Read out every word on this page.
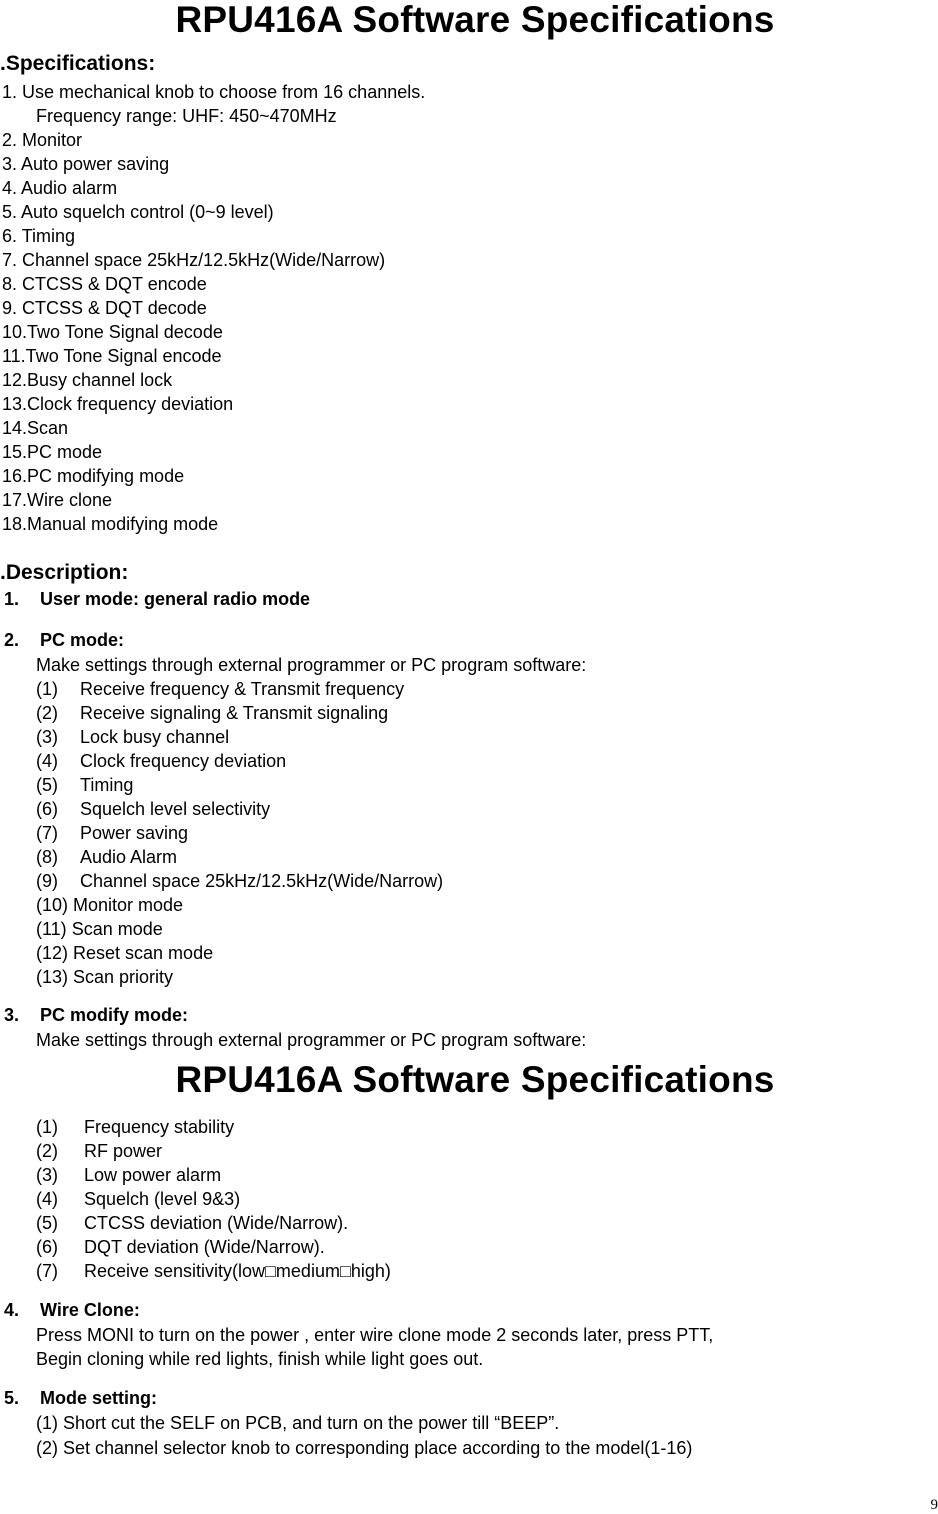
RPU416A Software Specifications
.Specifications:
1. Use mechanical knob to choose from 16 channels.
Frequency range: UHF: 450~470MHz
2. Monitor
3. Auto power saving
4. Audio alarm
5. Auto squelch control (0~9 level)
6. Timing
7. Channel space 25kHz/12.5kHz(Wide/Narrow)
8. CTCSS & DQT encode
9. CTCSS & DQT decode
10.Two Tone Signal decode
11.Two Tone Signal encode
12.Busy channel lock
13.Clock frequency deviation
14.Scan
15.PC mode
16.PC modifying mode
17.Wire clone
18.Manual modifying mode
.Description:
1. User mode: general radio mode
2. PC mode:
Make settings through external programmer or PC program software:
(1) Receive frequency & Transmit frequency
(2) Receive signaling & Transmit signaling
(3) Lock busy channel
(4) Clock frequency deviation
(5) Timing
(6) Squelch level selectivity
(7) Power saving
(8) Audio Alarm
(9) Channel space 25kHz/12.5kHz(Wide/Narrow)
(10) Monitor mode
(11) Scan mode
(12) Reset scan mode
(13) Scan priority
3. PC modify mode:
Make settings through external programmer or PC program software:
RPU416A Software Specifications
(1) Frequency stability
(2) RF power
(3) Low power alarm
(4) Squelch (level 9&3)
(5) CTCSS deviation (Wide/Narrow).
(6) DQT deviation (Wide/Narrow).
(7) Receive sensitivity(low□medium□high)
4. Wire Clone:
Press MONI to turn on the power , enter wire clone mode 2 seconds later, press PTT,
Begin cloning while red lights, finish while light goes out.
5. Mode setting:
(1) Short cut the SELF on PCB, and turn on the power till “BEEP”.
(2) Set channel selector knob to corresponding place according to the model(1-16)
9
